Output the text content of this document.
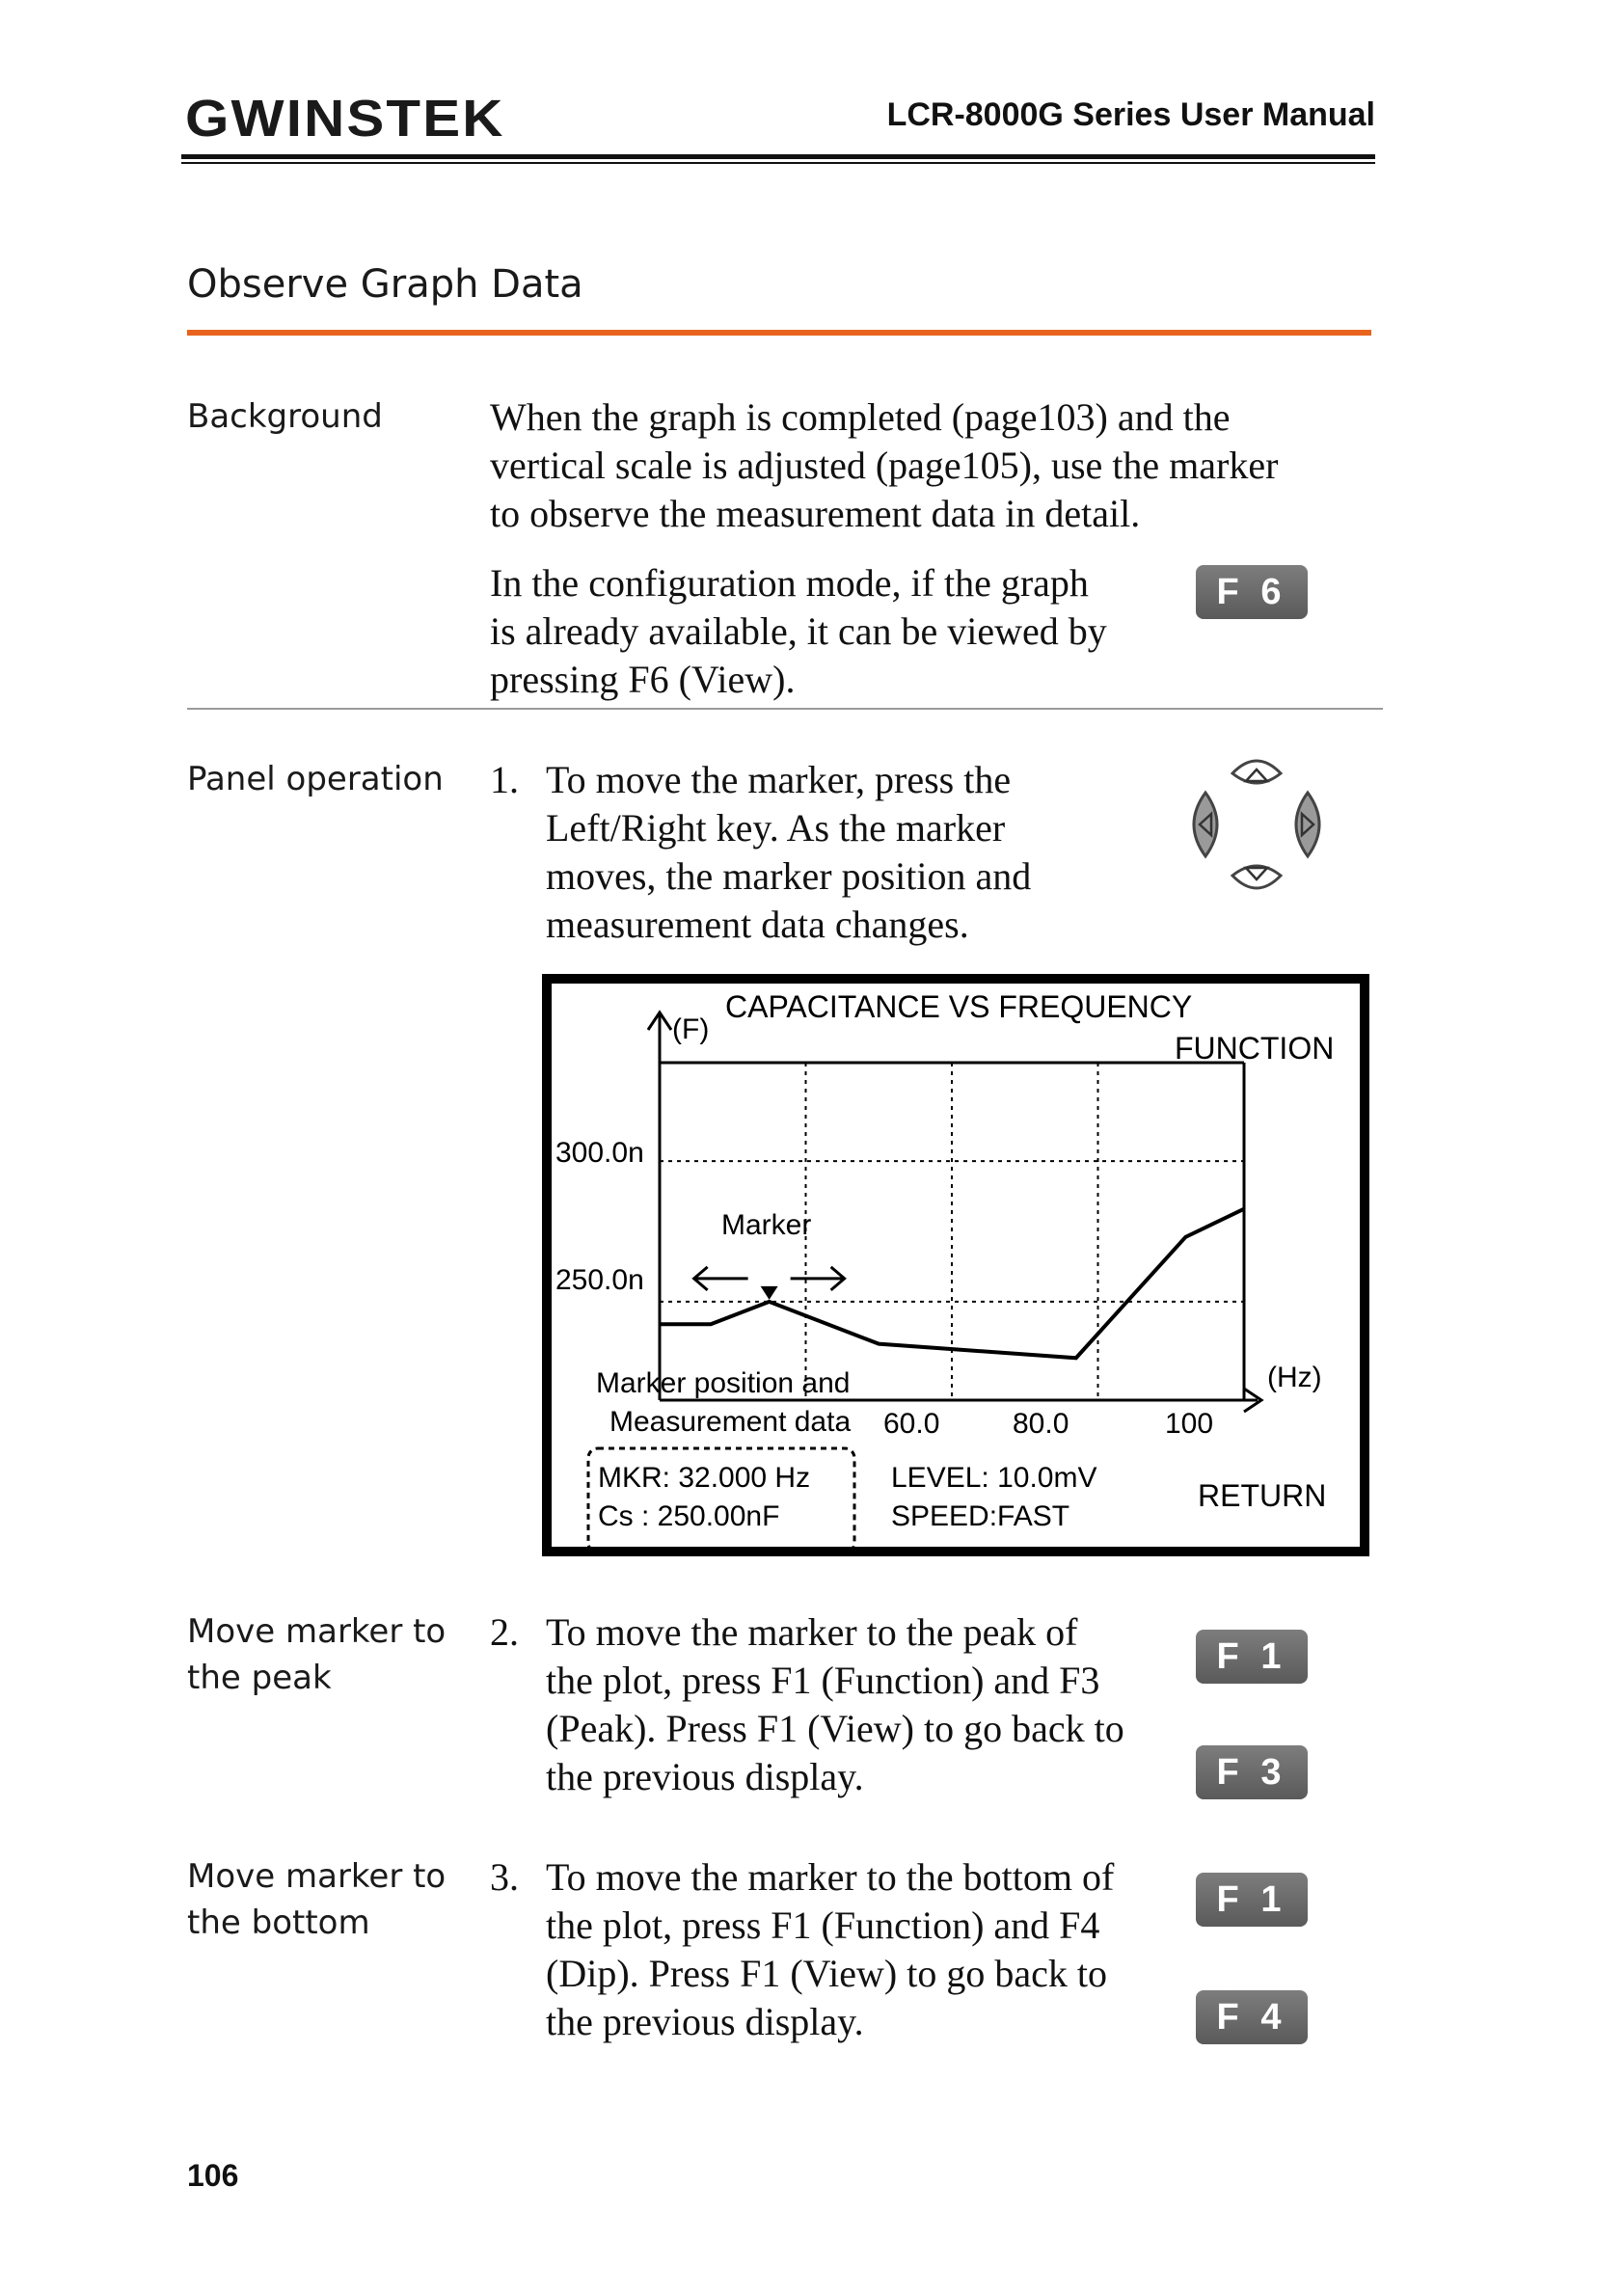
GWINSTEK	LCR-8000G Series User Manual
Observe Graph Data
Background	When the graph is completed (page103) and the
vertical scale is adjusted (page105), use the marker
to observe the measurement data in detail.
In the configuration mode, if the graph
is already available, it can be viewed by
pressing F6 (View).
F 6
Panel operation 1. To move the marker, press the
Left/Right key. As the marker
moves, the marker position and
measurement data changes.
CAPACITANCE VS FREQUENCY
(F)
FUNCTION
300.0n
250.0n
Marker
Marker position and
Measurement data 60.0	80.0	100
(Hz)
MKR: 32.000 Hz
Cs : 250.00nF
LEVEL: 10.0mV
SPEED:FAST
RETURN
Move marker to
the peak
2. To move the marker to the peak of
the plot, press F1 (Function) and F3
(Peak). Press F1 (View) to go back to
the previous display.
F 1
F 3
Move marker to
the bottom
3. To move the marker to the bottom of
the plot, press F1 (Function) and F4
(Dip). Press F1 (View) to go back to
the previous display.
F 1
F 4
106
